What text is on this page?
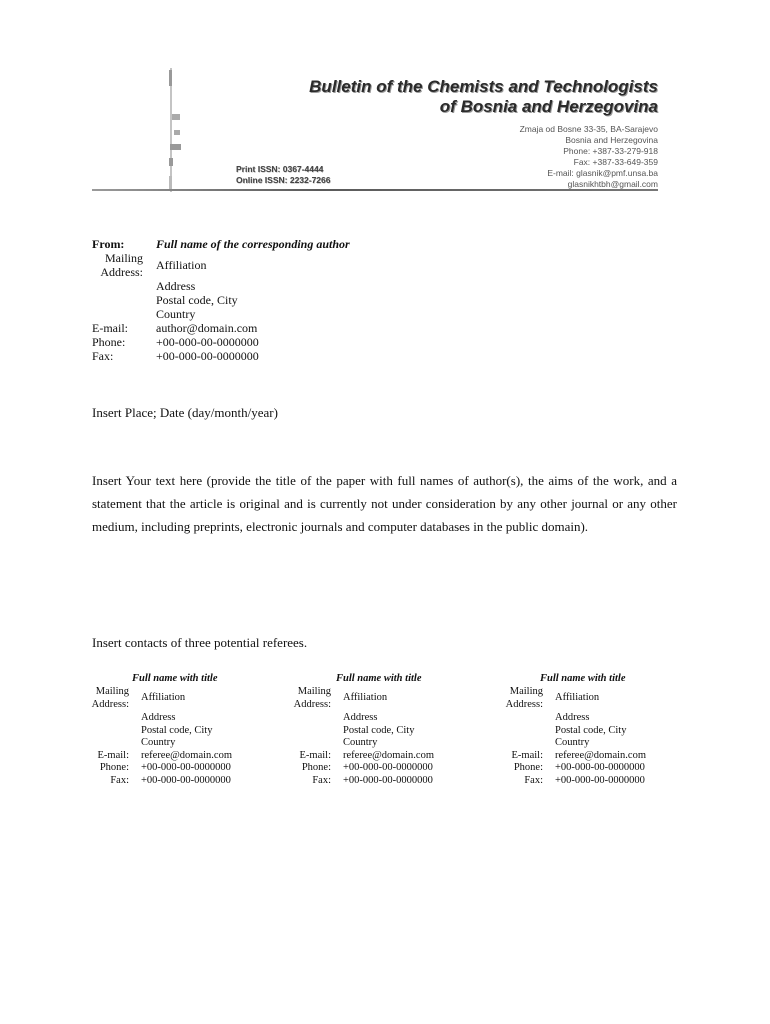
Bulletin of the Chemists and Technologists
of Bosnia and Herzegovina
Zmaja od Bosne 33-35, BA-Sarajevo
Bosnia and Herzegovina
Phone: +387-33-279-918
Fax: +387-33-649-359
E-mail: glasnik@pmf.unsa.ba
glasnikhtbh@gmail.com
Print ISSN: 0367-4444
Online ISSN: 2232-7266
From:	Full name of the corresponding author
Mailing
Address: Affiliation
Address
Postal code, City
Country
E-mail: author@domain.com
Phone:	+00-000-00-0000000
Fax:	+00-000-00-0000000
Insert Place; Date (day/month/year)
Insert Your text here (provide the title of the paper with full names of author(s), the aims of the work, and a statement that the article is original and is currently not under consideration by any other journal or any other medium, including preprints, electronic journals and computer databases in the public domain).
Insert contacts of three potential referees.
Full name with title
Mailing
Address:
Affiliation
Address
Postal code, City
Country
E-mail: referee@domain.com
Phone: +00-000-00-0000000
Fax: +00-000-00-0000000
Full name with title
Mailing
Address:
Affiliation
Address
Postal code, City
Country
E-mail: referee@domain.com
Phone: +00-000-00-0000000
Fax: +00-000-00-0000000
Full name with title
Mailing
Address:
Affiliation
Address
Postal code, City
Country
E-mail: referee@domain.com
Phone: +00-000-00-0000000
Fax: +00-000-00-0000000
